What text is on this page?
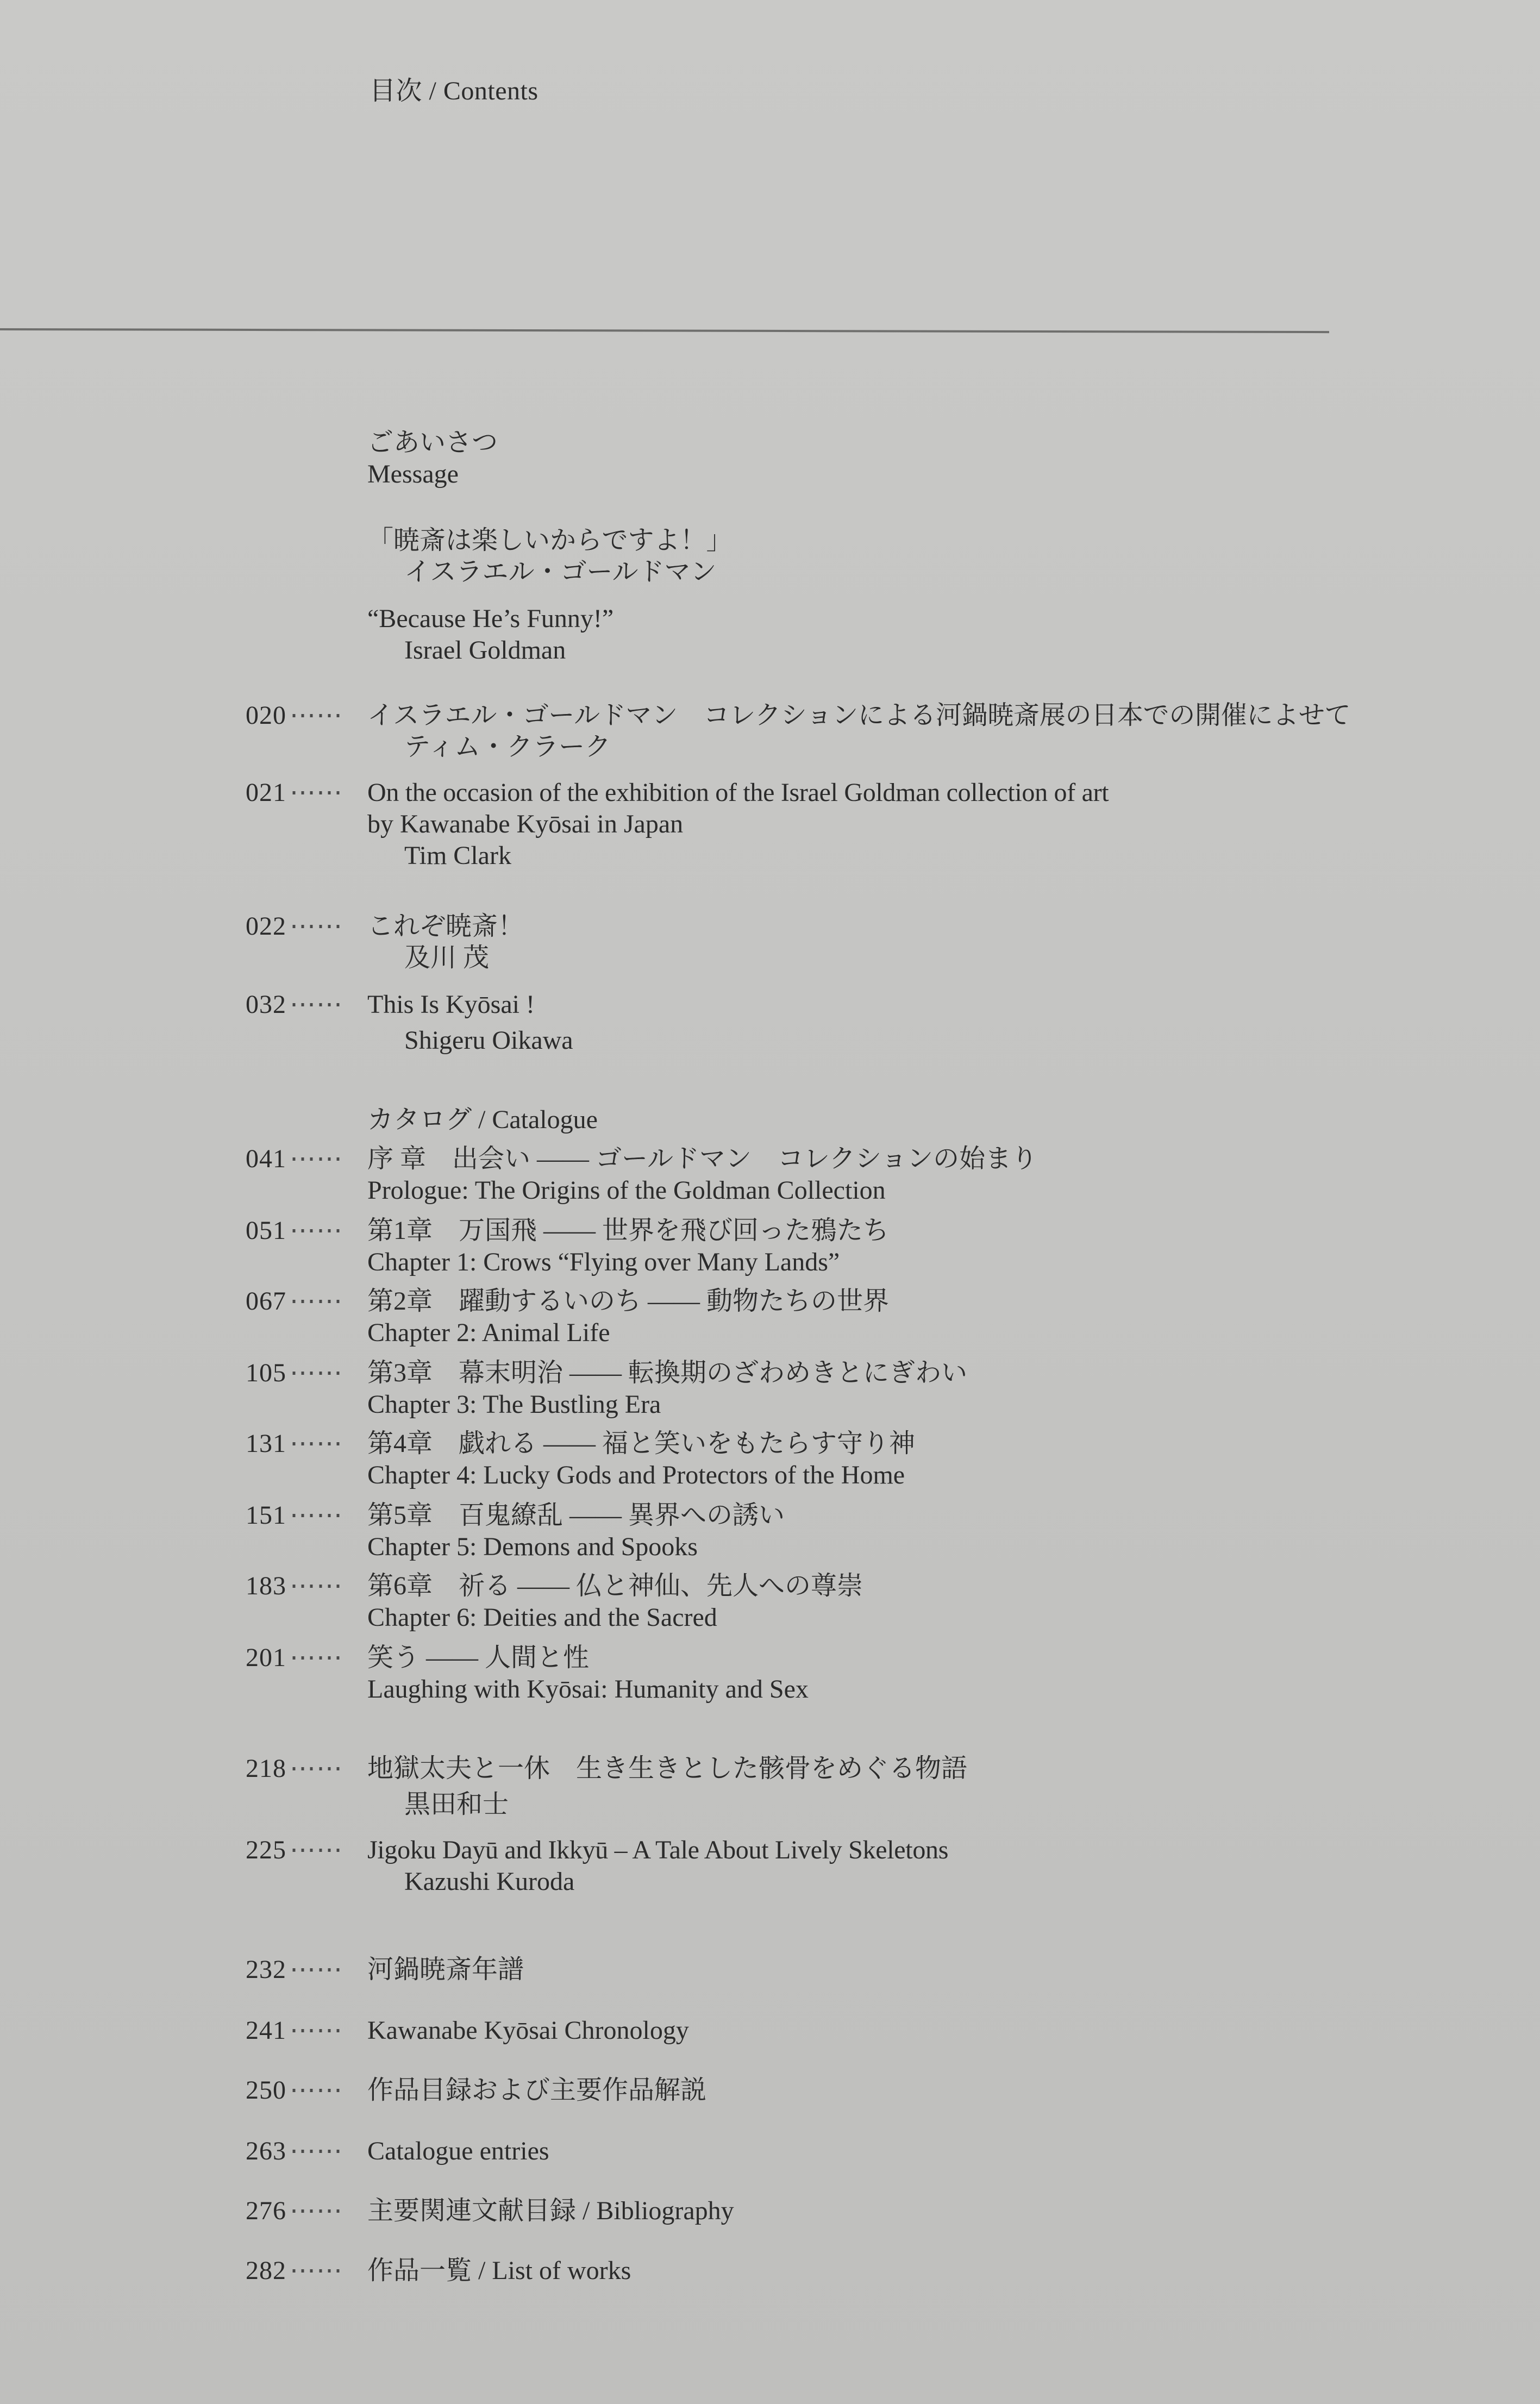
目次 / Contents
ごあいさつ
Message
「暁斎は楽しいからですよ！」
イスラエル・ゴールドマン
“Because He’s Funny!”
Israel Goldman
020 ⋯⋯ イスラエル・ゴールドマン　コレクションによる河鍋暁斎展の日本での開催によせて
ティム・クラーク
021 ⋯⋯ On the occasion of the exhibition of the Israel Goldman collection of art
by Kawanabe Kyōsai in Japan
Tim Clark
022 ⋯⋯ これぞ暁斎！
及川 茂
032 ⋯⋯ This Is Kyōsai !
Shigeru Oikawa
カタログ / Catalogue
041 ⋯⋯ 序 章　出会い ―― ゴールドマン　コレクションの始まり
Prologue: The Origins of the Goldman Collection
051 ⋯⋯ 第1章　万国飛 ―― 世界を飛び回った鴉たち
Chapter 1: Crows “Flying over Many Lands”
067 ⋯⋯ 第2章　躍動するいのち ―― 動物たちの世界
Chapter 2: Animal Life
105 ⋯⋯ 第3章　幕末明治 ―― 転換期のざわめきとにぎわい
Chapter 3: The Bustling Era
131 ⋯⋯ 第4章　戯れる ―― 福と笑いをもたらす守り神
Chapter 4: Lucky Gods and Protectors of the Home
151 ⋯⋯ 第5章　百鬼繚乱 ―― 異界への誘い
Chapter 5: Demons and Spooks
183 ⋯⋯ 第6章　祈る ―― 仏と神仙、先人への尊崇
Chapter 6: Deities and the Sacred
201 ⋯⋯ 笑う ―― 人間と性
Laughing with Kyōsai: Humanity and Sex
218 ⋯⋯ 地獄太夫と一休　生き生きとした骸骨をめぐる物語
黒田和士
225 ⋯⋯ Jigoku Dayū and Ikkyū – A Tale About Lively Skeletons
Kazushi Kuroda
232 ⋯⋯ 河鍋暁斎年譜
241 ⋯⋯ Kawanabe Kyōsai Chronology
250 ⋯⋯ 作品目録および主要作品解説
263 ⋯⋯ Catalogue entries
276 ⋯⋯ 主要関連文献目録 / Bibliography
282 ⋯⋯ 作品一覧 / List of works
